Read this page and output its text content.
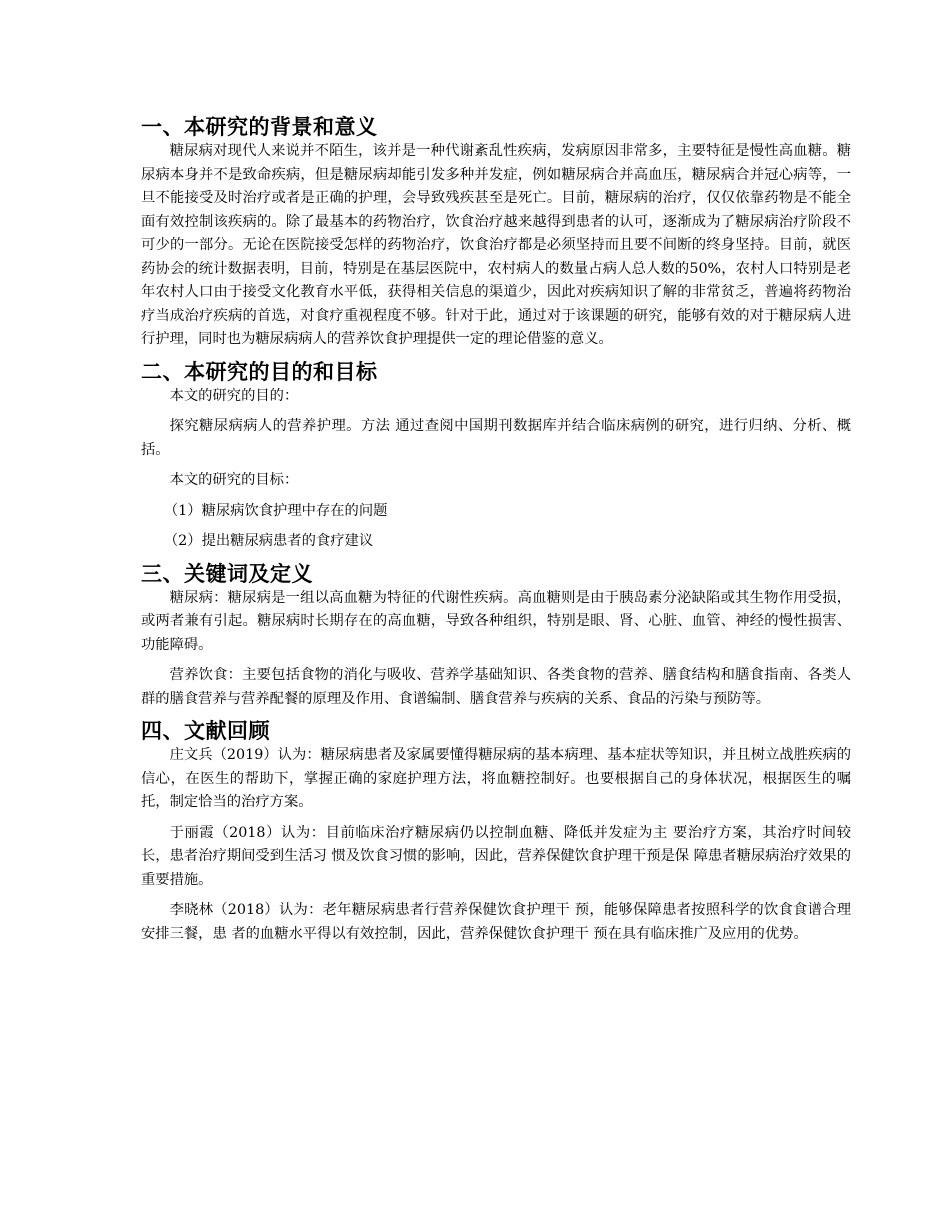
一、本研究的背景和意义

糖尿病对现代人来说并不陌生，该并是一种代谢紊乱性疾病，发病原因非常多，主要特征是慢性高血糖。糖尿病本身并不是致命疾病，但是糖尿病却能引发多种并发症，例如糖尿病合并高血压，糖尿病合并冠心病等，一旦不能接受及时治疗或者是正确的护理，会导致残疾甚至是死亡。目前，糖尿病的治疗，仅仅依靠药物是不能全面有效控制该疾病的。除了最基本的药物治疗，饮食治疗越来越得到患者的认可，逐渐成为了糖尿病治疗阶段不可少的一部分。无论在医院接受怎样的药物治疗，饮食治疗都是必须坚持而且要不间断的终身坚持。目前，就医药协会的统计数据表明，目前，特别是在基层医院中，农村病人的数量占病人总人数的50%，农村人口特别是老年农村人口由于接受文化教育水平低，获得相关信息的渠道少，因此对疾病知识了解的非常贫乏，普遍将药物治疗当成治疗疾病的首选，对食疗重视程度不够。针对于此，通过对于该课题的研究，能够有效的对于糖尿病人进行护理，同时也为糖尿病病人的营养饮食护理提供一定的理论借鉴的意义。

二、本研究的目的和目标

本文的研究的目的：

探究糖尿病病人的营养护理。方法 通过查阅中国期刊数据库并结合临床病例的研究，进行归纳、分析、概括。

本文的研究的目标：

（1）糖尿病饮食护理中存在的问题

（2）提出糖尿病患者的食疗建议

三、关键词及定义

糖尿病：糖尿病是一组以高血糖为特征的代谢性疾病。高血糖则是由于胰岛素分泌缺陷或其生物作用受损，或两者兼有引起。糖尿病时长期存在的高血糖，导致各种组织，特别是眼、肾、心脏、血管、神经的慢性损害、功能障碍。

营养饮食：主要包括食物的消化与吸收、营养学基础知识、各类食物的营养、膳食结构和膳食指南、各类人群的膳食营养与营养配餐的原理及作用、食谱编制、膳食营养与疾病的关系、食品的污染与预防等。

四、文献回顾

庄文兵（2019）认为：糖尿病患者及家属要懂得糖尿病的基本病理、基本症状等知识，并且树立战胜疾病的信心，在医生的帮助下，掌握正确的家庭护理方法，将血糖控制好。也要根据自己的身体状况，根据医生的嘱托，制定恰当的治疗方案。

于丽霞（2018）认为：目前临床治疗糖尿病仍以控制血糖、降低并发症为主 要治疗方案，其治疗时间较长，患者治疗期间受到生活习 惯及饮食习惯的影响，因此，营养保健饮食护理干预是保 障患者糖尿病治疗效果的重要措施。

李晓林（2018）认为：老年糖尿病患者行营养保健饮食护理干 预，能够保障患者按照科学的饮食食谱合理安排三餐，患 者的血糖水平得以有效控制，因此，营养保健饮食护理干 预在具有临床推广及应用的优势。
